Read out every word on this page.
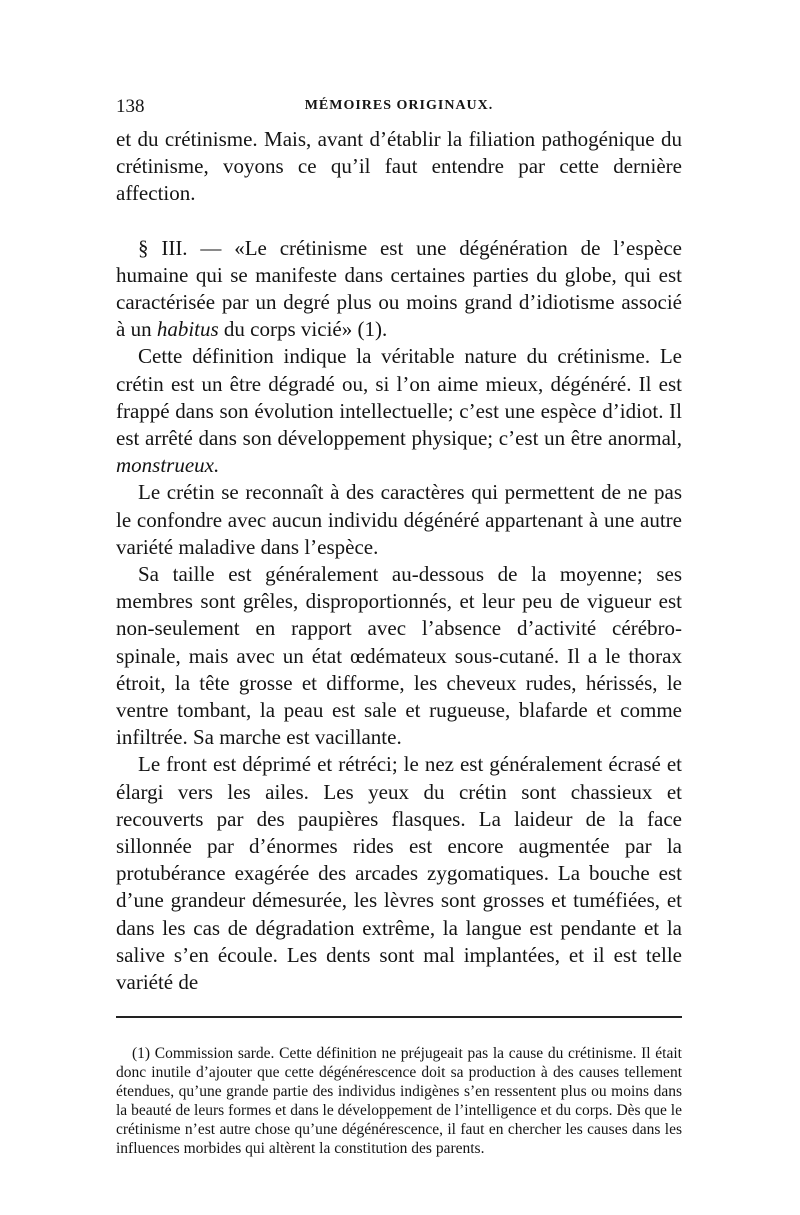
138	MÉMOIRES ORIGINAUX.

et du crétinisme. Mais, avant d’établir la filiation pathogénique du crétinisme, voyons ce qu’il faut entendre par cette dernière affection.

§ III. — «Le crétinisme est une dégénération de l’espèce humaine qui se manifeste dans certaines parties du globe, qui est caractérisée par un degré plus ou moins grand d’idiotisme associé à un habitus du corps vicié» (1).

Cette définition indique la véritable nature du crétinisme. Le crétin est un être dégradé ou, si l’on aime mieux, dégénéré. Il est frappé dans son évolution intellectuelle; c’est une espèce d’idiot. Il est arrêté dans son développement physique; c’est un être anormal, monstrueux.

Le crétin se reconnaît à des caractères qui permettent de ne pas le confondre avec aucun individu dégénéré appartenant à une autre variété maladive dans l’espèce.

Sa taille est généralement au-dessous de la moyenne; ses membres sont grêles, disproportionnés, et leur peu de vigueur est non-seulement en rapport avec l’absence d’activité cérébro-spinale, mais avec un état œdémateux sous-cutané. Il a le thorax étroit, la tête grosse et difforme, les cheveux rudes, hérissés, le ventre tombant, la peau est sale et rugueuse, blafarde et comme infiltrée. Sa marche est vacillante.

Le front est déprimé et rétréci; le nez est généralement écrasé et élargi vers les ailes. Les yeux du crétin sont chassieux et recouverts par des paupières flasques. La laideur de la face sillonnée par d’énormes rides est encore augmentée par la protubérance exagérée des arcades zygomatiques. La bouche est d’une grandeur démesurée, les lèvres sont grosses et tuméfiées, et dans les cas de dégradation extrême, la langue est pendante et la salive s’en écoule. Les dents sont mal implantées, et il est telle variété de

(1) Commission sarde. Cette définition ne préjugeait pas la cause du crétinisme. Il était donc inutile d’ajouter que cette dégénérescence doit sa production à des causes tellement étendues, qu’une grande partie des individus indigènes s’en ressentent plus ou moins dans la beauté de leurs formes et dans le développement de l’intelligence et du corps. Dès que le crétinisme n’est autre chose qu’une dégénérescence, il faut en chercher les causes dans les influences morbides qui altèrent la constitution des parents.
